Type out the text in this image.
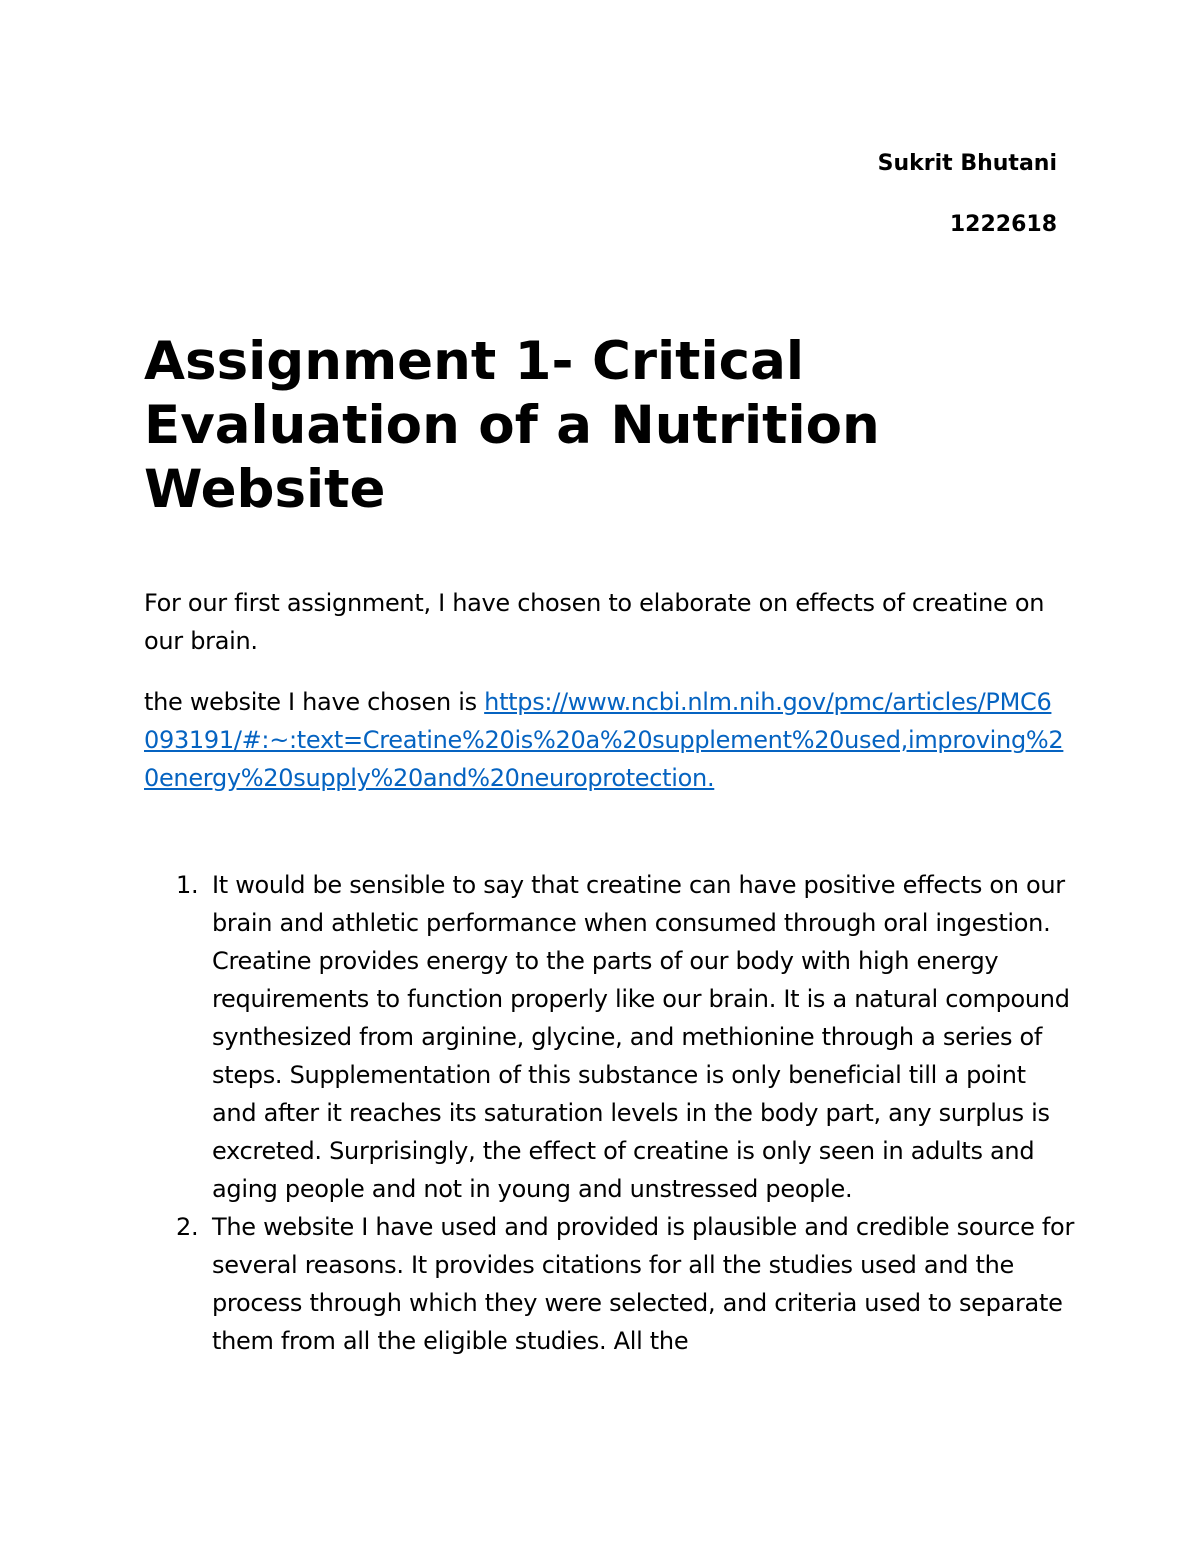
Sukrit Bhutani
1222618
Assignment 1- Critical Evaluation of a Nutrition Website

For our first assignment, I have chosen to elaborate on effects of creatine on our brain.

the website I have chosen is https://www.ncbi.nlm.nih.gov/pmc/articles/PMC6093191/#:~:text=Creatine%20is%20a%20supplement%20used,improving%20energy%20supply%20and%20neuroprotection.

1. It would be sensible to say that creatine can have positive effects on our brain and athletic performance when consumed through oral ingestion. Creatine provides energy to the parts of our body with high energy requirements to function properly like our brain. It is a natural compound synthesized from arginine, glycine, and methionine through a series of steps. Supplementation of this substance is only beneficial till a point and after it reaches its saturation levels in the body part, any surplus is excreted. Surprisingly, the effect of creatine is only seen in adults and aging people and not in young and unstressed people.
2. The website I have used and provided is plausible and credible source for several reasons. It provides citations for all the studies used and the process through which they were selected, and criteria used to separate them from all the eligible studies. All the
